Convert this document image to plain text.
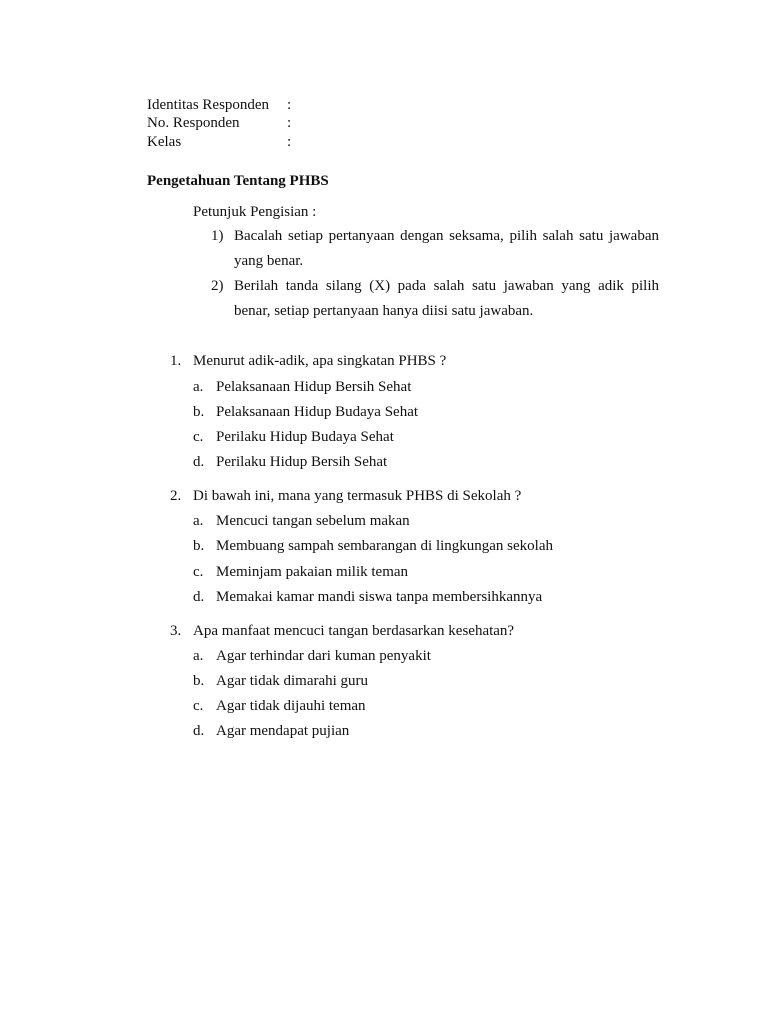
Identitas Responden :
No. Responden	:
Kelas	:
Pengetahuan Tentang PHBS
Petunjuk Pengisian :
1) Bacalah setiap pertanyaan dengan seksama, pilih salah satu jawaban yang benar.
2) Berilah tanda silang (X) pada salah satu jawaban yang adik pilih benar, setiap pertanyaan hanya diisi satu jawaban.
1. Menurut adik-adik, apa singkatan PHBS ?
a. Pelaksanaan Hidup Bersih Sehat
b. Pelaksanaan Hidup Budaya Sehat
c. Perilaku Hidup Budaya Sehat
d. Perilaku Hidup Bersih Sehat
2. Di bawah ini, mana yang termasuk PHBS di Sekolah ?
a. Mencuci tangan sebelum makan
b. Membuang sampah sembarangan di lingkungan sekolah
c. Meminjam pakaian milik teman
d. Memakai kamar mandi siswa tanpa membersihkannya
3. Apa manfaat mencuci tangan berdasarkan kesehatan?
a. Agar terhindar dari kuman penyakit
b. Agar tidak dimarahi guru
c. Agar tidak dijauhi teman
d. Agar mendapat pujian
